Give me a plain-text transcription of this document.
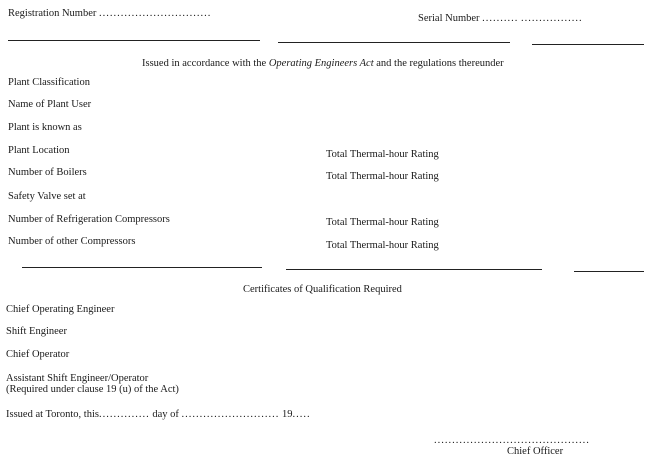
Registration Number ...............................	Serial Number .......... .................
Issued in accordance with the Operating Engineers Act and the regulations thereunder
Plant Classification
Name of Plant User
Plant is known as
Plant Location	Total Thermal-hour Rating
Number of Boilers	Total Thermal-hour Rating
Safety Valve set at
Number of Refrigeration Compressors	Total Thermal-hour Rating
Number of other Compressors	Total Thermal-hour Rating
Certificates of Qualification Required
Chief Operating Engineer
Shift Engineer
Chief Operator
Assistant Shift Engineer/Operator
(Required under clause 19 (u) of the Act)
Issued at Toronto, this.............. day of ........................... 19.....
...........................................
Chief Officer
